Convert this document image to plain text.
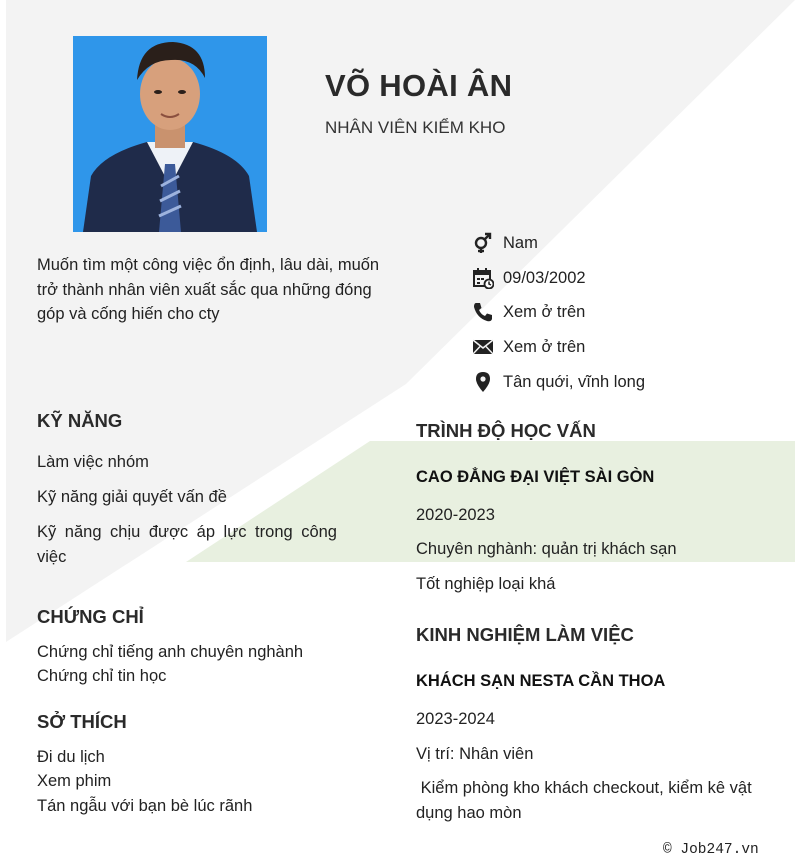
VÕ HOÀI ÂN
NHÂN VIÊN KIỂM KHO
Muốn tìm một công việc ổn định, lâu dài, muốn trở thành nhân viên xuất sắc qua những đóng góp và cống hiến cho cty
Nam
09/03/2002
Xem ở trên
Xem ở trên
Tân quới, vĩnh long
KỸ NĂNG
Làm việc nhóm
Kỹ năng giải quyết vấn đề
Kỹ năng chịu được áp lực trong công việc
CHỨNG CHỈ
Chứng chỉ tiếng anh chuyên nghành
Chứng chỉ tin học
SỞ THÍCH
Đi du lịch
Xem phim
Tán ngẫu với bạn bè lúc rãnh
TRÌNH ĐỘ HỌC VẤN
CAO ĐẲNG ĐẠI VIỆT SÀI GÒN
2020-2023
Chuyên nghành: quản trị khách sạn
Tốt nghiệp loại khá
KINH NGHIỆM LÀM VIỆC
KHÁCH SẠN NESTA CẦN THOA
2023-2024
Vị trí: Nhân viên
Kiểm phòng kho khách checkout, kiểm kê vật dụng hao mòn
© Job247.vn
